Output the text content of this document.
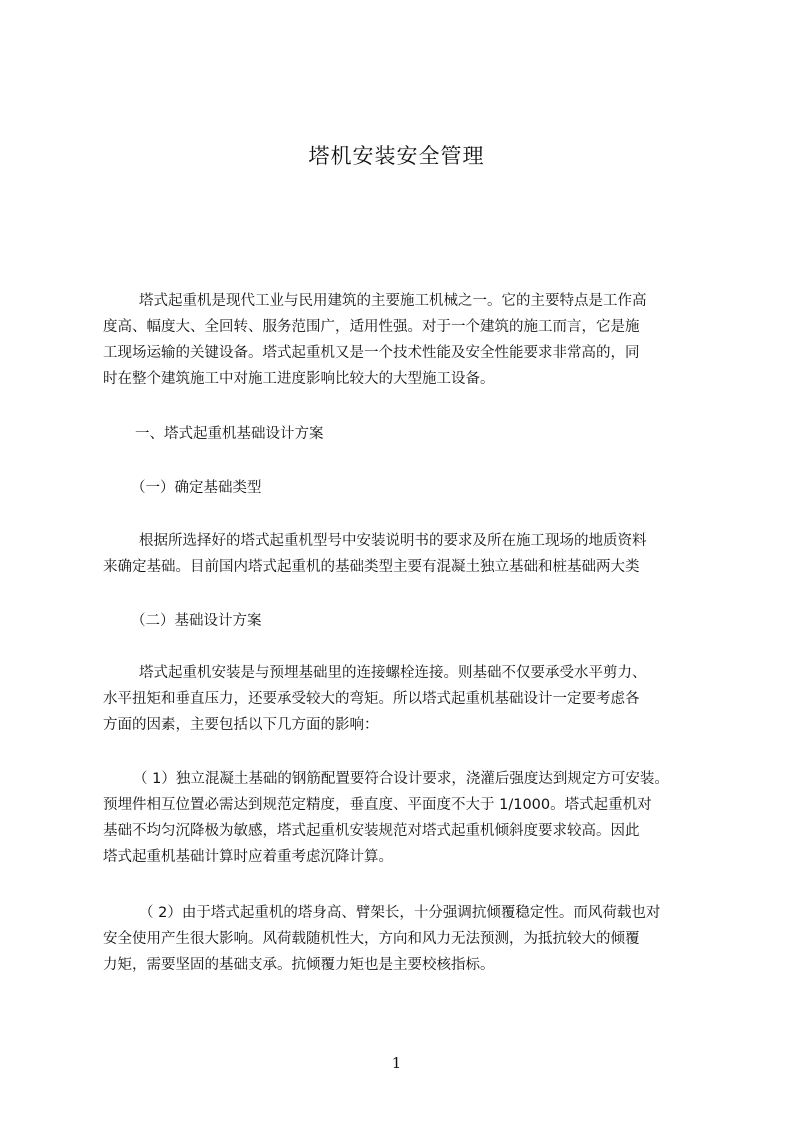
塔机安装安全管理
塔式起重机是现代工业与民用建筑的主要施工机械之一。它的主要特点是工作高
度高、幅度大、全回转、服务范围广，适用性强。对于一个建筑的施工而言，它是施
工现场运输的关键设备。塔式起重机又是一个技术性能及安全性能要求非常高的，同
时在整个建筑施工中对施工进度影响比较大的大型施工设备。
一、塔式起重机基础设计方案
（一）确定基础类型
根据所选择好的塔式起重机型号中安装说明书的要求及所在施工现场的地质资料
来确定基础。目前国内塔式起重机的基础类型主要有混凝土独立基础和桩基础两大类
（二）基础设计方案
塔式起重机安装是与预埋基础里的连接螺栓连接。则基础不仅要承受水平剪力、
水平扭矩和垂直压力，还要承受较大的弯矩。所以塔式起重机基础设计一定要考虑各
方面的因素，主要包括以下几方面的影响：
（ 1）独立混凝土基础的钢筋配置要符合设计要求，浇灌后强度达到规定方可安装。
预埋件相互位置必需达到规范定精度，垂直度、平面度不大于 1/1000。塔式起重机对
基础不均匀沉降极为敏感，塔式起重机安装规范对塔式起重机倾斜度要求较高。因此
塔式起重机基础计算时应着重考虑沉降计算。
（ 2）由于塔式起重机的塔身高、臂架长，十分强调抗倾覆稳定性。而风荷载也对
安全使用产生很大影响。风荷载随机性大，方向和风力无法预测，为抵抗较大的倾覆
力矩，需要坚固的基础支承。抗倾覆力矩也是主要校核指标。
1
